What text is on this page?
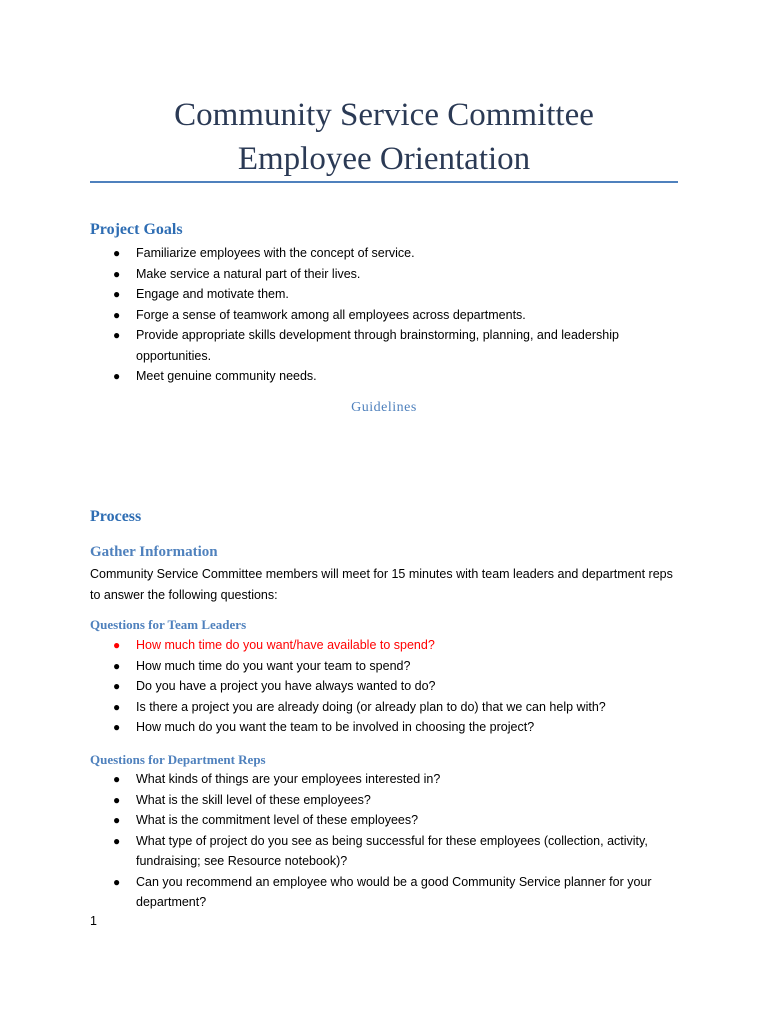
Community Service Committee
Employee Orientation
Project Goals
●	Familiarize employees with the concept of service.
●	Make service a natural part of their lives.
●	Engage and motivate them.
●	Forge a sense of teamwork among all employees across departments.
●	Provide appropriate skills development through brainstorming, planning, and leadership opportunities.
●	Meet genuine community needs.
Guidelines
Process
Gather Information
Community Service Committee members will meet for 15 minutes with team leaders and department reps to answer the following questions:
Questions for Team Leaders
●	How much time do you want/have available to spend?
●	How much time do you want your team to spend?
●	Do you have a project you have always wanted to do?
●	Is there a project you are already doing (or already plan to do) that we can help with?
●	How much do you want the team to be involved in choosing the project?
Questions for Department Reps
●	What kinds of things are your employees interested in?
●	What is the skill level of these employees?
●	What is the commitment level of these employees?
●	What type of project do you see as being successful for these employees (collection, activity, fundraising; see Resource notebook)?
●	Can you recommend an employee who would be a good Community Service planner for your department?
1
